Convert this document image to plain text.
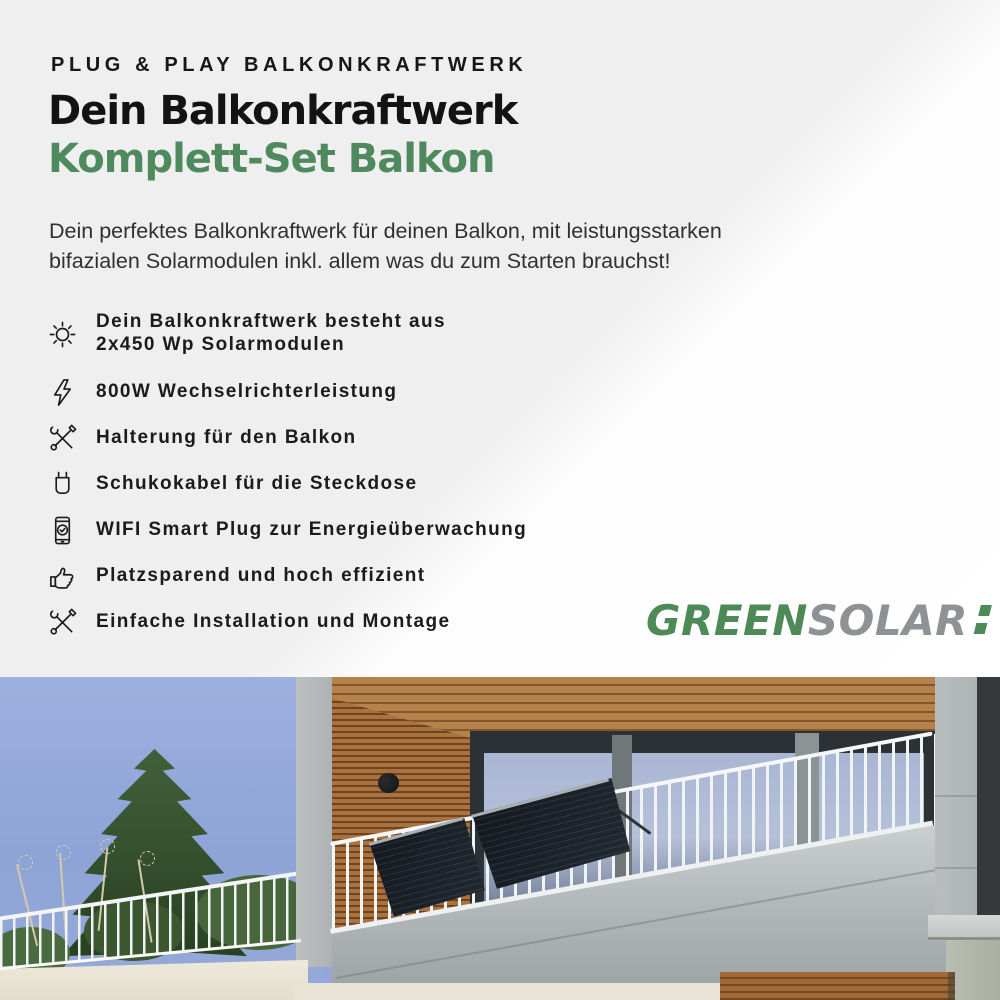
PLUG & PLAY BALKONKRAFTWERK
Dein Balkonkraftwerk
Komplett-Set Balkon

Dein perfektes Balkonkraftwerk für deinen Balkon, mit leistungsstarken bifazialen Solarmodulen inkl. allem was du zum Starten brauchst!

Dein Balkonkraftwerk besteht aus 2x450 Wp Solarmodulen
800W Wechselrichterleistung
Halterung für den Balkon
Schukokabel für die Steckdose
WIFI Smart Plug zur Energieüberwachung
Platzsparend und hoch effizient
Einfache Installation und Montage	GREEN SOLAR
